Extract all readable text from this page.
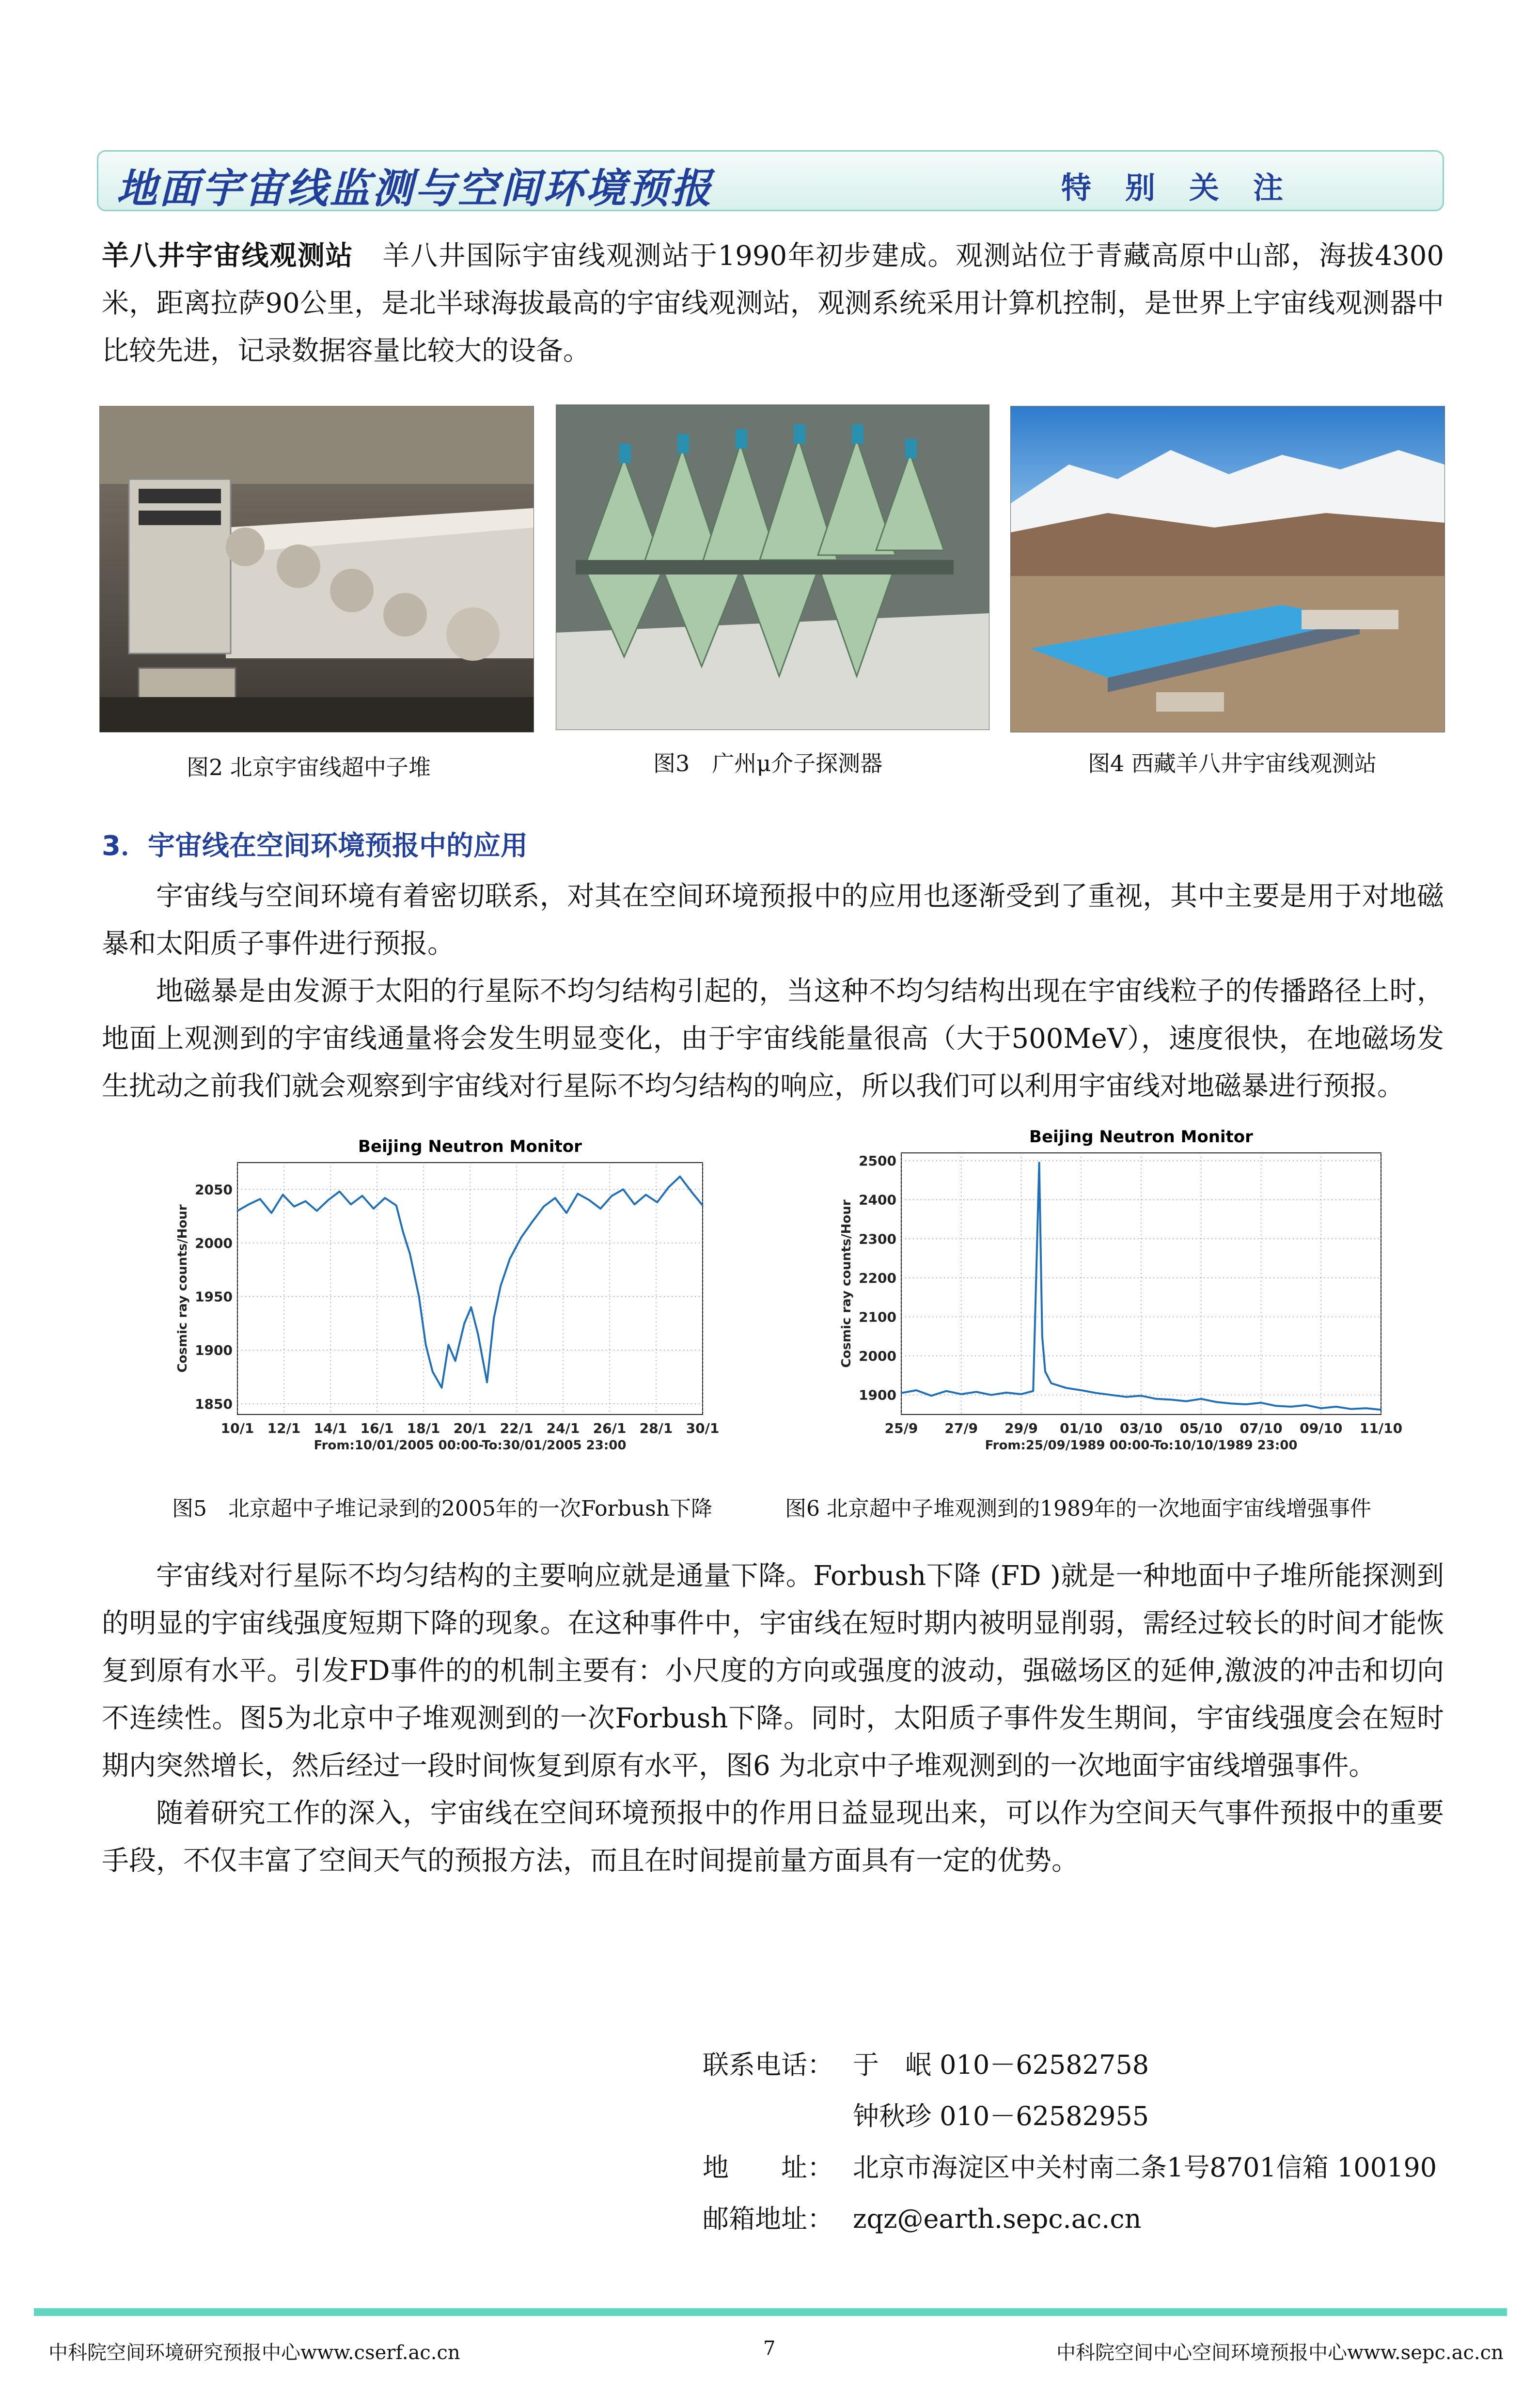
地面宇宙线监测与空间环境预报	特别关注
羊八井宇宙线观测站 羊八井国际宇宙线观测站于1990年初步建成。观测站位于青藏高原中山部，海拔4300米，距离拉萨90公里，是北半球海拔最高的宇宙线观测站，观测系统采用计算机控制，是世界上宇宙线观测器中比较先进，记录数据容量比较大的设备。
图2 北京宇宙线超中子堆	图3　广州μ介子探测器	图4 西藏羊八井宇宙线观测站
3．宇宙线在空间环境预报中的应用

宇宙线与空间环境有着密切联系，对其在空间环境预报中的应用也逐渐受到了重视，其中主要是用于对地磁暴和太阳质子事件进行预报。

地磁暴是由发源于太阳的行星际不均匀结构引起的，当这种不均匀结构出现在宇宙线粒子的传播路径上时，地面上观测到的宇宙线通量将会发生明显变化，由于宇宙线能量很高（大于500MeV），速度很快，在地磁场发生扰动之前我们就会观察到宇宙线对行星际不均匀结构的响应，所以我们可以利用宇宙线对地磁暴进行预报。

Beijing Neutron Monitor
1850
1900
1950
2000
2050
10/1 12/1 14/1 16/1 18/1 20/1 22/1 24/1 26/1 28/1 30/1
From:10/01/2005 00:00-To:30/01/2005 23:00
Cosmic ray counts/Hour
图5　北京超中子堆记录到的2005年的一次Forbush下降
Beijing Neutron Monitor
1900
2000
2100
2200
2300
2400
2500
25/9 27/9 29/9 01/10 03/10 05/10 07/10 09/10 11/10
From:25/09/1989 00:00-To:10/10/1989 23:00
Cosmic ray counts/Hour
图6 北京超中子堆观测到的1989年的一次地面宇宙线增强事件

宇宙线对行星际不均匀结构的主要响应就是通量下降。Forbush下降 (FD )就是一种地面中子堆所能探测到的明显的宇宙线强度短期下降的现象。在这种事件中，宇宙线在短时期内被明显削弱，需经过较长的时间才能恢复到原有水平。引发FD事件的的机制主要有：小尺度的方向或强度的波动，强磁场区的延伸,激波的冲击和切向不连续性。图5为北京中子堆观测到的一次Forbush下降。同时，太阳质子事件发生期间，宇宙线强度会在短时期内突然增长，然后经过一段时间恢复到原有水平，图6 为北京中子堆观测到的一次地面宇宙线增强事件。

随着研究工作的深入，宇宙线在空间环境预报中的作用日益显现出来，可以作为空间天气事件预报中的重要手段，不仅丰富了空间天气的预报方法，而且在时间提前量方面具有一定的优势。

联系电话： 于　岷 010－62582758
钟秋珍 010－62582955
地　　址： 北京市海淀区中关村南二条1号8701信箱 100190
邮箱地址： zqz@earth.sepc.ac.cn
中科院空间环境研究预报中心www.cserf.ac.cn	7	中科院空间中心空间环境预报中心www.sepc.ac.cn
